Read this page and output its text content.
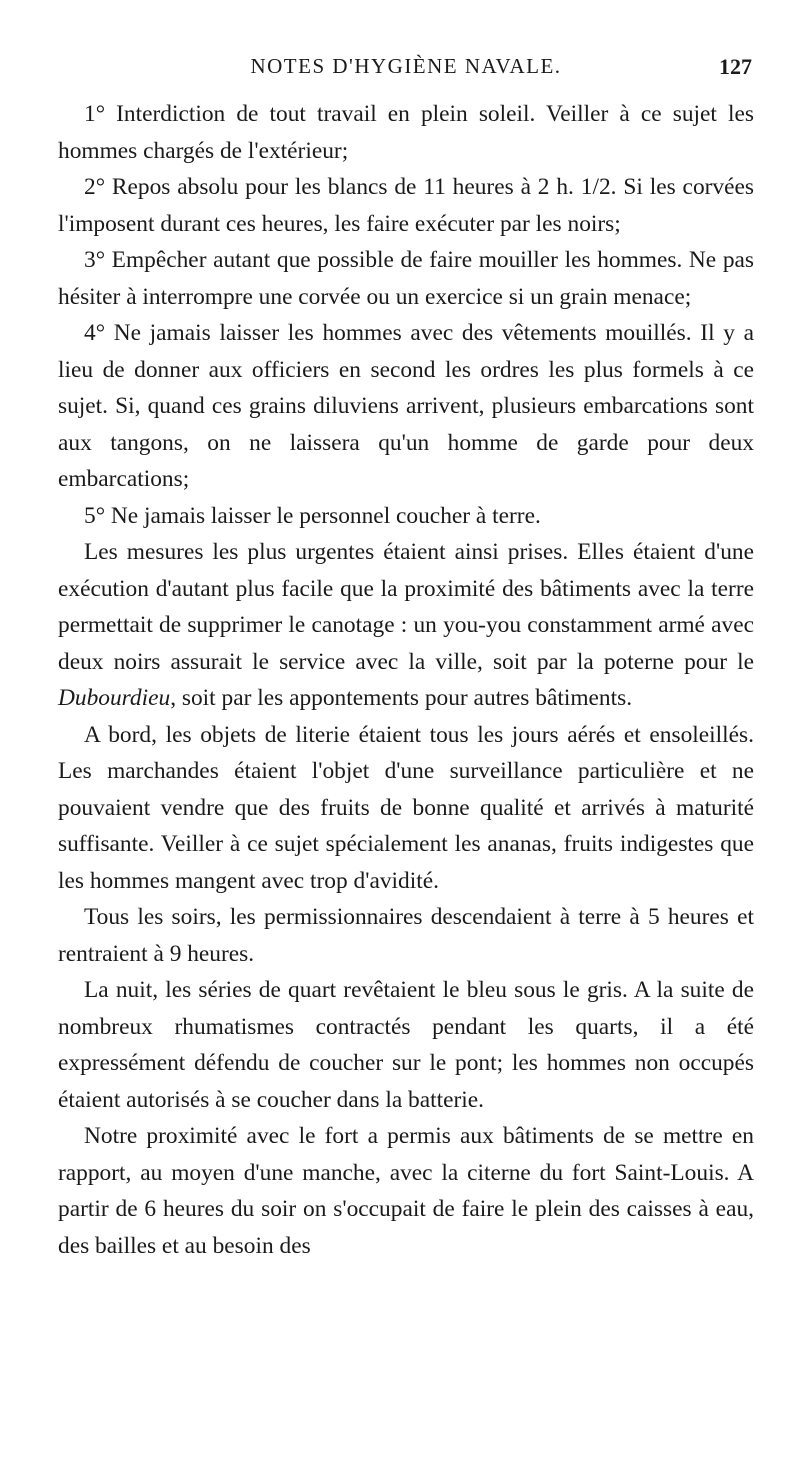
NOTES D'HYGIÈNE NAVALE.	127

1° Interdiction de tout travail en plein soleil. Veiller à ce sujet les hommes chargés de l'extérieur;

2° Repos absolu pour les blancs de 11 heures à 2 h. 1/2. Si les corvées l'imposent durant ces heures, les faire exécuter par les noirs;

3° Empêcher autant que possible de faire mouiller les hommes. Ne pas hésiter à interrompre une corvée ou un exercice si un grain menace;

4° Ne jamais laisser les hommes avec des vêtements mouillés. Il y a lieu de donner aux officiers en second les ordres les plus formels à ce sujet. Si, quand ces grains diluviens arrivent, plusieurs embarcations sont aux tangons, on ne laissera qu'un homme de garde pour deux embarcations;

5° Ne jamais laisser le personnel coucher à terre.

Les mesures les plus urgentes étaient ainsi prises. Elles étaient d'une exécution d'autant plus facile que la proximité des bâtiments avec la terre permettait de supprimer le canotage : un you-you constamment armé avec deux noirs assurait le service avec la ville, soit par la poterne pour le Dubourdieu, soit par les appontements pour autres bâtiments.

A bord, les objets de literie étaient tous les jours aérés et ensoleillés. Les marchandes étaient l'objet d'une surveillance particulière et ne pouvaient vendre que des fruits de bonne qualité et arrivés à maturité suffisante. Veiller à ce sujet spécialement les ananas, fruits indigestes que les hommes mangent avec trop d'avidité.

Tous les soirs, les permissionnaires descendaient à terre à 5 heures et rentraient à 9 heures.

La nuit, les séries de quart revêtaient le bleu sous le gris. A la suite de nombreux rhumatismes contractés pendant les quarts, il a été expressément défendu de coucher sur le pont; les hommes non occupés étaient autorisés à se coucher dans la batterie.

Notre proximité avec le fort a permis aux bâtiments de se mettre en rapport, au moyen d'une manche, avec la citerne du fort Saint-Louis. A partir de 6 heures du soir on s'occupait de faire le plein des caisses à eau, des bailles et au besoin des
